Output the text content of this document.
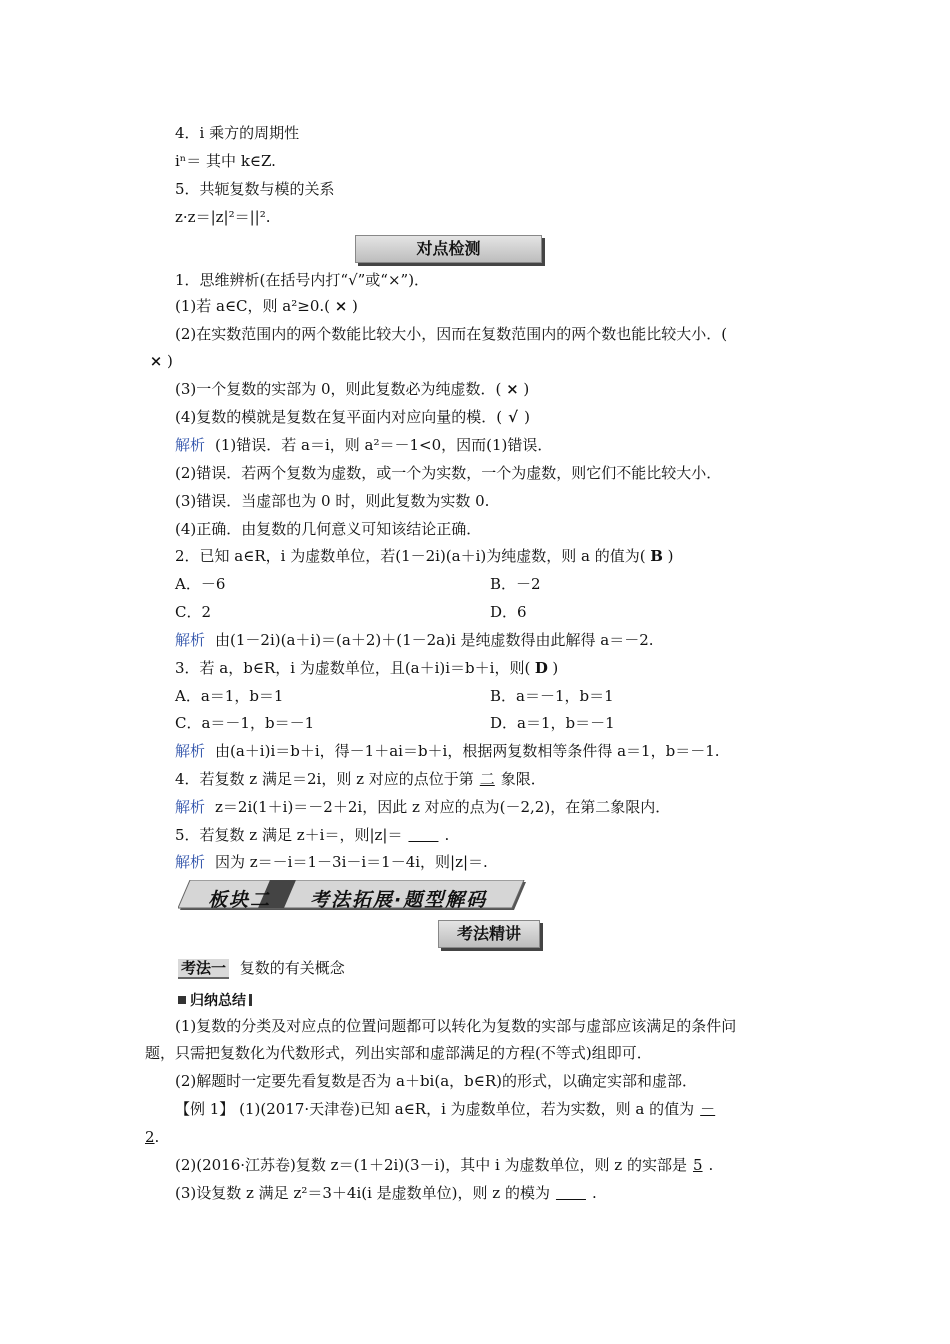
4．i 乘方的周期性
iⁿ＝ 其中 k∈Z.
5．共轭复数与模的关系
z·z＝|z|²＝||².
对点检测
1．思维辨析(在括号内打“√”或“×”)．
(1)若 a∈C，则 a²≥0.( × )
(2)在实数范围内的两个数能比较大小，因而在复数范围内的两个数也能比较大小．(
× )
(3)一个复数的实部为 0，则此复数必为纯虚数．( × )
(4)复数的模就是复数在复平面内对应向量的模．( √ )
解析 (1)错误．若 a＝i，则 a²＝－1<0，因而(1)错误．
(2)错误．若两个复数为虚数，或一个为实数，一个为虚数，则它们不能比较大小．
(3)错误．当虚部也为 0 时，则此复数为实数 0.
(4)正确．由复数的几何意义可知该结论正确．
2．已知 a∈R，i 为虚数单位，若(1－2i)(a＋i)为纯虚数，则 a 的值为( B )
A．－6	B．－2
C．2	D．6
解析 由(1－2i)(a＋i)＝(a＋2)＋(1－2a)i 是纯虚数得由此解得 a＝－2.
3．若 a，b∈R，i 为虚数单位，且(a＋i)i＝b＋i，则( D )
A．a＝1，b＝1	B．a＝－1，b＝1
C．a＝－1，b＝－1	D．a＝1，b＝－1
解析 由(a＋i)i＝b＋i，得－1＋ai＝b＋i，根据两复数相等条件得 a＝1，b＝－1.
4．若复数 z 满足＝2i，则 z 对应的点位于第 二 象限．
解析 z＝2i(1＋i)＝－2＋2i，因此 z 对应的点为(－2,2)，在第二象限内．
5．若复数 z 满足 z＋i＝，则|z|＝  	.
解析 因为 z＝－i＝1－3i－i＝1－4i，则|z|＝.
板块二 考法拓展·题型解码
考法精讲
考法一 复数的有关概念
归纳总结
(1)复数的分类及对应点的位置问题都可以转化为复数的实部与虚部应该满足的条件问
题，只需把复数化为代数形式，列出实部和虚部满足的方程(不等式)组即可．
(2)解题时一定要先看复数是否为 a＋bi(a，b∈R)的形式，以确定实部和虚部．
【例 1】 (1)(2017·天津卷)已知 a∈R，i 为虚数单位，若为实数，则 a 的值为 －
2.
(2)(2016·江苏卷)复数 z＝(1＋2i)(3－i)，其中 i 为虚数单位，则 z 的实部是 5 .
(3)设复数 z 满足 z²＝3＋4i(i 是虚数单位)，则 z 的模为  	.
